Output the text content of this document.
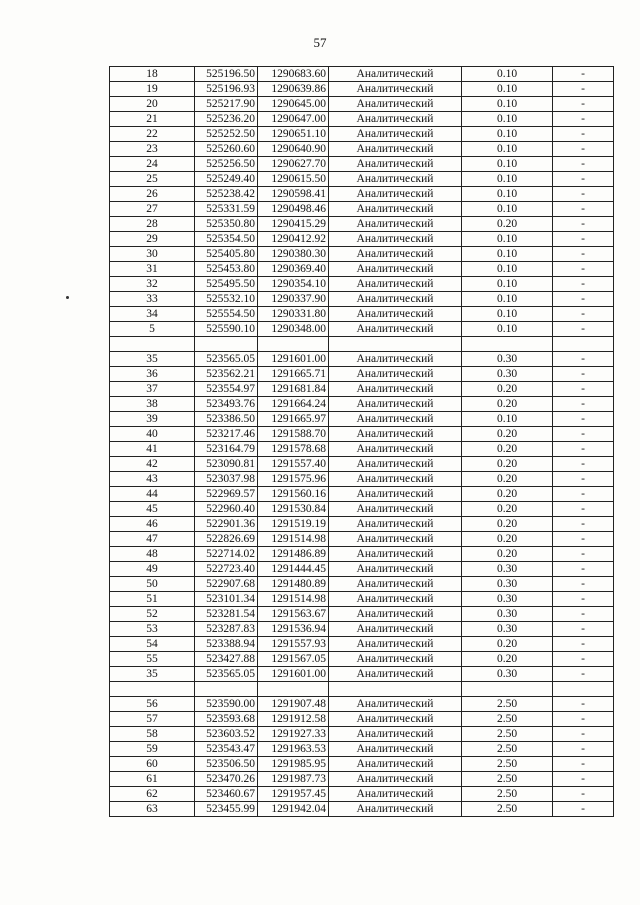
57
18	525196.50	1290683.60	Аналитический	0.10	-
19	525196.93	1290639.86	Аналитический	0.10	-
20	525217.90	1290645.00	Аналитический	0.10	-
21	525236.20	1290647.00	Аналитический	0.10	-
22	525252.50	1290651.10	Аналитический	0.10	-
23	525260.60	1290640.90	Аналитический	0.10	-
24	525256.50	1290627.70	Аналитический	0.10	-
25	525249.40	1290615.50	Аналитический	0.10	-
26	525238.42	1290598.41	Аналитический	0.10	-
27	525331.59	1290498.46	Аналитический	0.10	-
28	525350.80	1290415.29	Аналитический	0.20	-
29	525354.50	1290412.92	Аналитический	0.10	-
30	525405.80	1290380.30	Аналитический	0.10	-
31	525453.80	1290369.40	Аналитический	0.10	-
32	525495.50	1290354.10	Аналитический	0.10	-
33	525532.10	1290337.90	Аналитический	0.10	-
34	525554.50	1290331.80	Аналитический	0.10	-
5	525590.10	1290348.00	Аналитический	0.10	-

35	523565.05	1291601.00	Аналитический	0.30	-
36	523562.21	1291665.71	Аналитический	0.30	-
37	523554.97	1291681.84	Аналитический	0.20	-
38	523493.76	1291664.24	Аналитический	0.20	-
39	523386.50	1291665.97	Аналитический	0.10	-
40	523217.46	1291588.70	Аналитический	0.20	-
41	523164.79	1291578.68	Аналитический	0.20	-
42	523090.81	1291557.40	Аналитический	0.20	-
43	523037.98	1291575.96	Аналитический	0.20	-
44	522969.57	1291560.16	Аналитический	0.20	-
45	522960.40	1291530.84	Аналитический	0.20	-
46	522901.36	1291519.19	Аналитический	0.20	-
47	522826.69	1291514.98	Аналитический	0.20	-
48	522714.02	1291486.89	Аналитический	0.20	-
49	522723.40	1291444.45	Аналитический	0.30	-
50	522907.68	1291480.89	Аналитический	0.30	-
51	523101.34	1291514.98	Аналитический	0.30	-
52	523281.54	1291563.67	Аналитический	0.30	-
53	523287.83	1291536.94	Аналитический	0.30	-
54	523388.94	1291557.93	Аналитический	0.20	-
55	523427.88	1291567.05	Аналитический	0.20	-
35	523565.05	1291601.00	Аналитический	0.30	-

56	523590.00	1291907.48	Аналитический	2.50	-
57	523593.68	1291912.58	Аналитический	2.50	-
58	523603.52	1291927.33	Аналитический	2.50	-
59	523543.47	1291963.53	Аналитический	2.50	-
60	523506.50	1291985.95	Аналитический	2.50	-
61	523470.26	1291987.73	Аналитический	2.50	-
62	523460.67	1291957.45	Аналитический	2.50	-
63	523455.99	1291942.04	Аналитический	2.50	-
